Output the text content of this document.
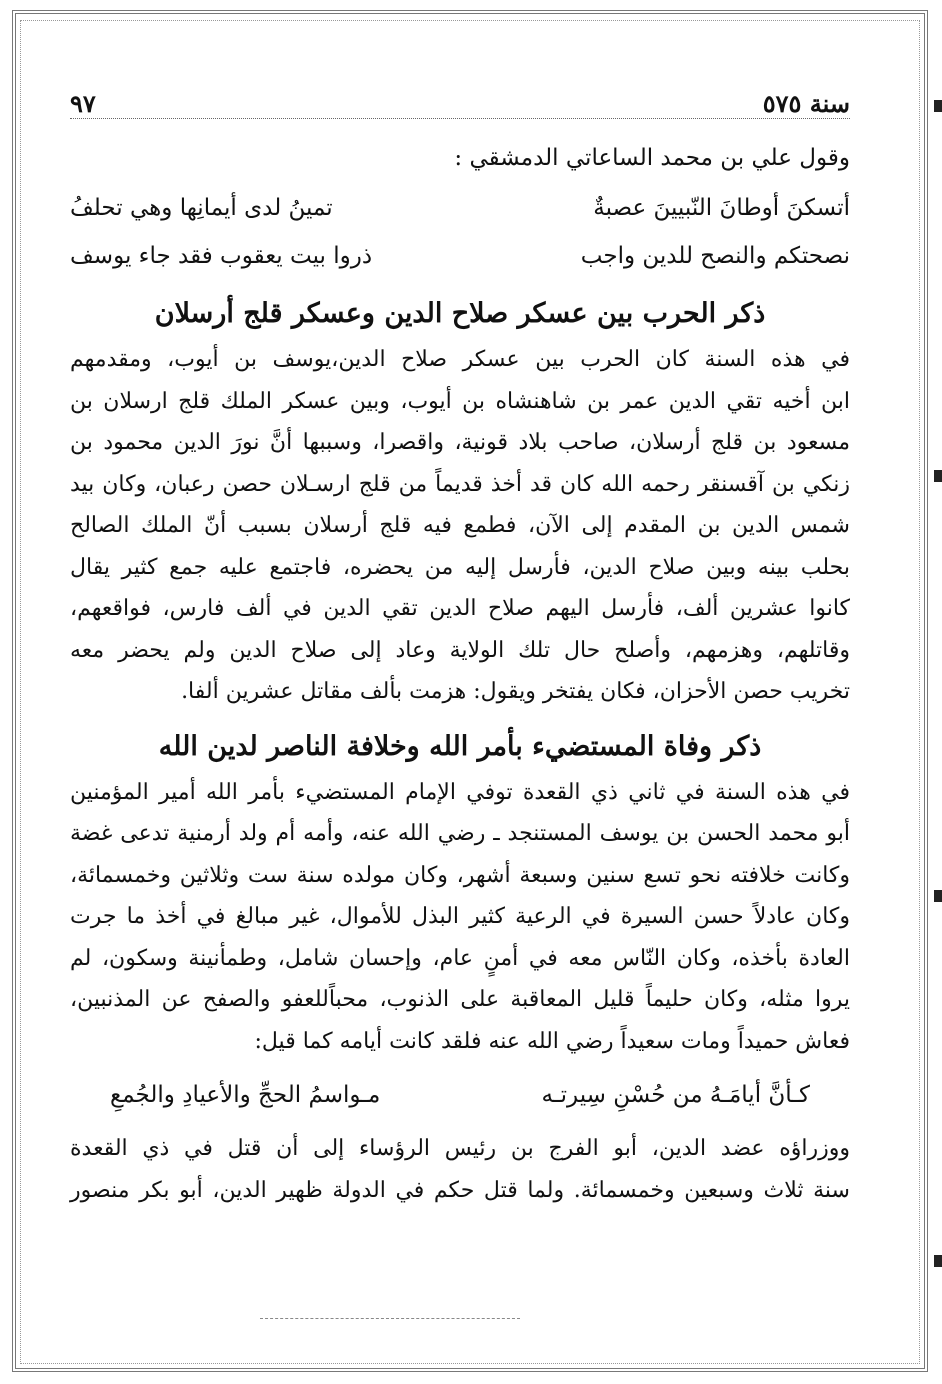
سنة ٥٧٥
٩٧
وقول علي بن محمد الساعاتي الدمشقي :
أتسكنَ أوطانَ النّبيينَ عصبةٌ
تمينُ لدى أيمانِها وهي تحلفُ
نصحتكم والنصح للدين واجب
ذروا بيت يعقوب فقد جاء يوسف
ذكر الحرب بين عسكر صلاح الدين وعسكر قلج أرسلان
في هذه السنة كان الحرب بين عسكر صلاح الدين،يوسف بن أيوب، ومقدمهم
ابن أخيه تقي الدين عمر بن شاهنشاه بن أيوب، وبين عسكر الملك قلج ارسلان بن
مسعود بن قلج أرسلان، صاحب بلاد قونية، واقصرا، وسببها أنَّ نورَ الدين محمود بن
زنكي بن آقسنقر رحمه الله كان قد أخذ قديماً من قلج ارسـلان حصن رعبان، وكان بيد
شمس الدين بن المقدم إلى الآن، فطمع فيه قلج أرسلان بسبب أنّ الملك الصالح
بحلب بينه وبين صلاح الدين، فأرسل إليه من يحضره، فاجتمع عليه جمع كثير يقال
كانوا عشرين ألف، فأرسل اليهم صلاح الدين تقي الدين في ألف فارس، فواقعهم،
وقاتلهم، وهزمهم، وأصلح حال تلك الولاية وعاد إلى صلاح الدين ولم يحضر معه
تخريب حصن الأحزان، فكان يفتخر ويقول: هزمت بألف مقاتل عشرين ألفا.
ذكر وفاة المستضيء بأمر الله وخلافة الناصر لدين الله
في هذه السنة في ثاني ذي القعدة توفي الإمام المستضيء بأمر الله أمير المؤمنين
أبو محمد الحسن بن يوسف المستنجد ـ رضي الله عنه، وأمه أم ولد أرمنية تدعى غضة
وكانت خلافته نحو تسع سنين وسبعة أشهر، وكان مولده سنة ست وثلاثين وخمسمائة،
وكان عادلاً حسن السيرة في الرعية كثير البذل للأموال، غير مبالغ في أخذ ما جرت
العادة بأخذه، وكان النّاس معه في أمنٍ عام، وإحسان شامل، وطمأنينة وسكون، لم
يروا مثله، وكان حليماً قليل المعاقبة على الذنوب، محباًللعفو والصفح عن المذنبين،
فعاش حميداً ومات سعيداً رضي الله عنه فلقد كانت أيامه كما قيل:
كـأنَّ أيامَـهُ من حُسْنِ سِيرتـه
مـواسمُ الحجِّ والأعيادِ والجُمعِ
ووزراؤه عضد الدين، أبو الفرج بن رئيس الرؤساء إلى أن قتل في ذي القعدة
سنة ثلاث وسبعين وخمسمائة. ولما قتل حكم في الدولة ظهير الدين، أبو بكر منصور
